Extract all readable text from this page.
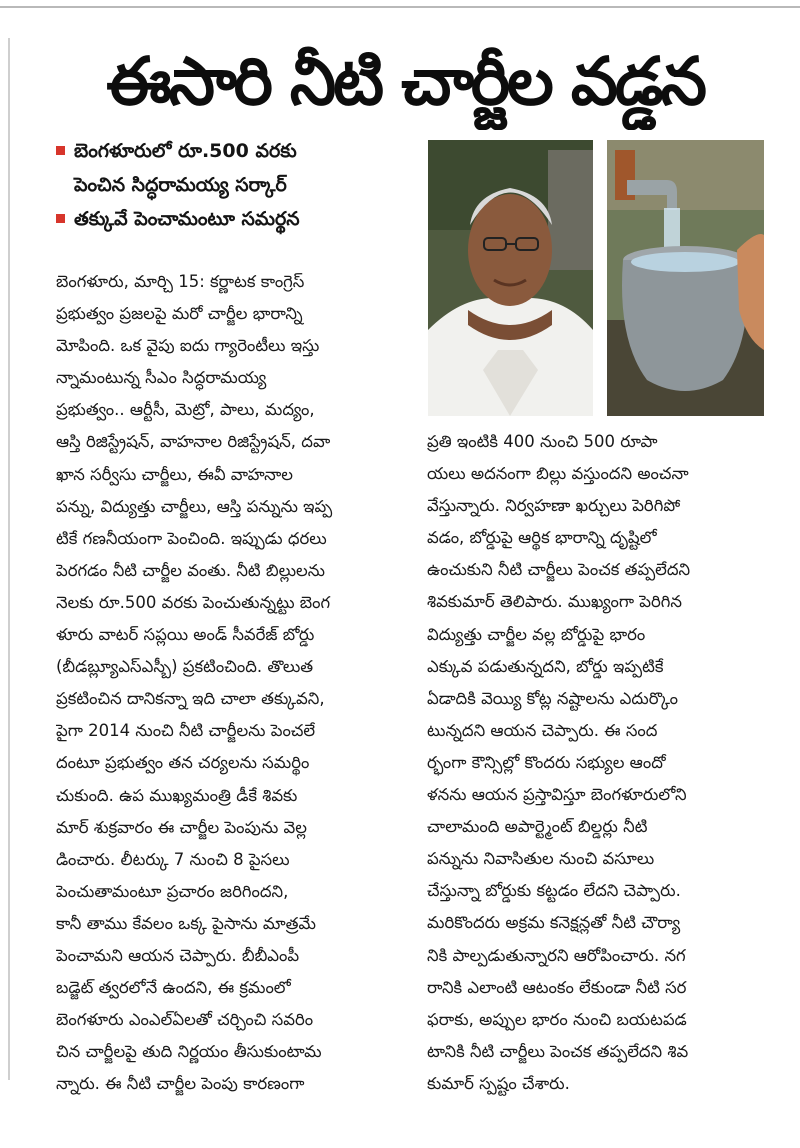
ఈసారి నీటి చార్జీల వడ్డన
బెంగళూరులో రూ.500 వరకు
పెంచిన సిద్ధరామయ్య సర్కార్
తక్కువే పెంచామంటూ సమర్థన
బెంగళూరు, మార్చి 15: కర్ణాటక కాంగ్రెస్
ప్రభుత్వం ప్రజలపై మరో చార్జీల భారాన్ని
మోపింది. ఒక వైపు ఐదు గ్యారెంటీలు ఇస్తు
న్నామంటున్న సీఎం సిద్ధరామయ్య
ప్రభుత్వం.. ఆర్టీసీ, మెట్రో, పాలు, మద్యం,
ఆస్తి రిజిస్ట్రేషన్, వాహనాల రిజిస్ట్రేషన్, దవా
ఖాన సర్వీసు చార్జీలు, ఈవీ వాహనాల
పన్ను, విద్యుత్తు చార్జీలు, ఆస్తి పన్నును ఇప్ప
టికే గణనీయంగా పెంచింది. ఇప్పుడు ధరలు
పెరగడం నీటి చార్జీల వంతు. నీటి బిల్లులను
నెలకు రూ.500 వరకు పెంచుతున్నట్టు బెంగ
ళూరు వాటర్ సప్లయి అండ్ సీవరేజ్ బోర్డు
(బీడబ్ల్యూఎస్ఎస్బీ) ప్రకటించింది. తొలుత
ప్రకటించిన దానికన్నా ఇది చాలా తక్కువని,
పైగా 2014 నుంచి నీటి చార్జీలను పెంచలే
దంటూ ప్రభుత్వం తన చర్యలను సమర్థిం
చుకుంది. ఉప ముఖ్యమంత్రి డీకే శివకు
మార్ శుక్రవారం ఈ చార్జీల పెంపును వెల్ల
డించారు. లీటర్కు 7 నుంచి 8 పైసలు
పెంచుతామంటూ ప్రచారం జరిగిందని,
కానీ తాము కేవలం ఒక్క పైసాను మాత్రమే
పెంచామని ఆయన చెప్పారు. బీబీఎంపీ
బడ్జెట్ త్వరలోనే ఉందని, ఈ క్రమంలో
బెంగళూరు ఎంఎల్ఏలతో చర్చించి సవరిం
చిన చార్జీలపై తుది నిర్ణయం తీసుకుంటామ
న్నారు. ఈ నీటి చార్జీల పెంపు కారణంగా
ప్రతి ఇంటికి 400 నుంచి 500 రూపా
యలు అదనంగా బిల్లు వస్తుందని అంచనా
వేస్తున్నారు. నిర్వహణా ఖర్చులు పెరిగిపో
వడం, బోర్డుపై ఆర్థిక భారాన్ని దృష్టిలో
ఉంచుకుని నీటి చార్జీలు పెంచక తప్పలేదని
శివకుమార్ తెలిపారు. ముఖ్యంగా పెరిగిన
విద్యుత్తు చార్జీల వల్ల బోర్డుపై భారం
ఎక్కువ పడుతున్నదని, బోర్డు ఇప్పటికే
ఏడాదికి వెయ్యి కోట్ల నష్టాలను ఎదుర్కొం
టున్నదని ఆయన చెప్పారు. ఈ సంద
ర్భంగా కౌన్సిల్లో కొందరు సభ్యుల ఆందో
ళనను ఆయన ప్రస్తావిస్తూ బెంగళూరులోని
చాలామంది అపార్ట్మెంట్ బిల్డర్లు నీటి
పన్నును నివాసితుల నుంచి వసూలు
చేస్తున్నా బోర్డుకు కట్టడం లేదని చెప్పారు.
మరికొందరు అక్రమ కనెక్షన్లతో నీటి చౌర్యా
నికి పాల్పడుతున్నారని ఆరోపించారు. నగ
రానికి ఎలాంటి ఆటంకం లేకుండా నీటి సర
ఫరాకు, అప్పుల భారం నుంచి బయటపడ
టానికి నీటి చార్జీలు పెంచక తప్పలేదని శివ
కుమార్ స్పష్టం చేశారు.
